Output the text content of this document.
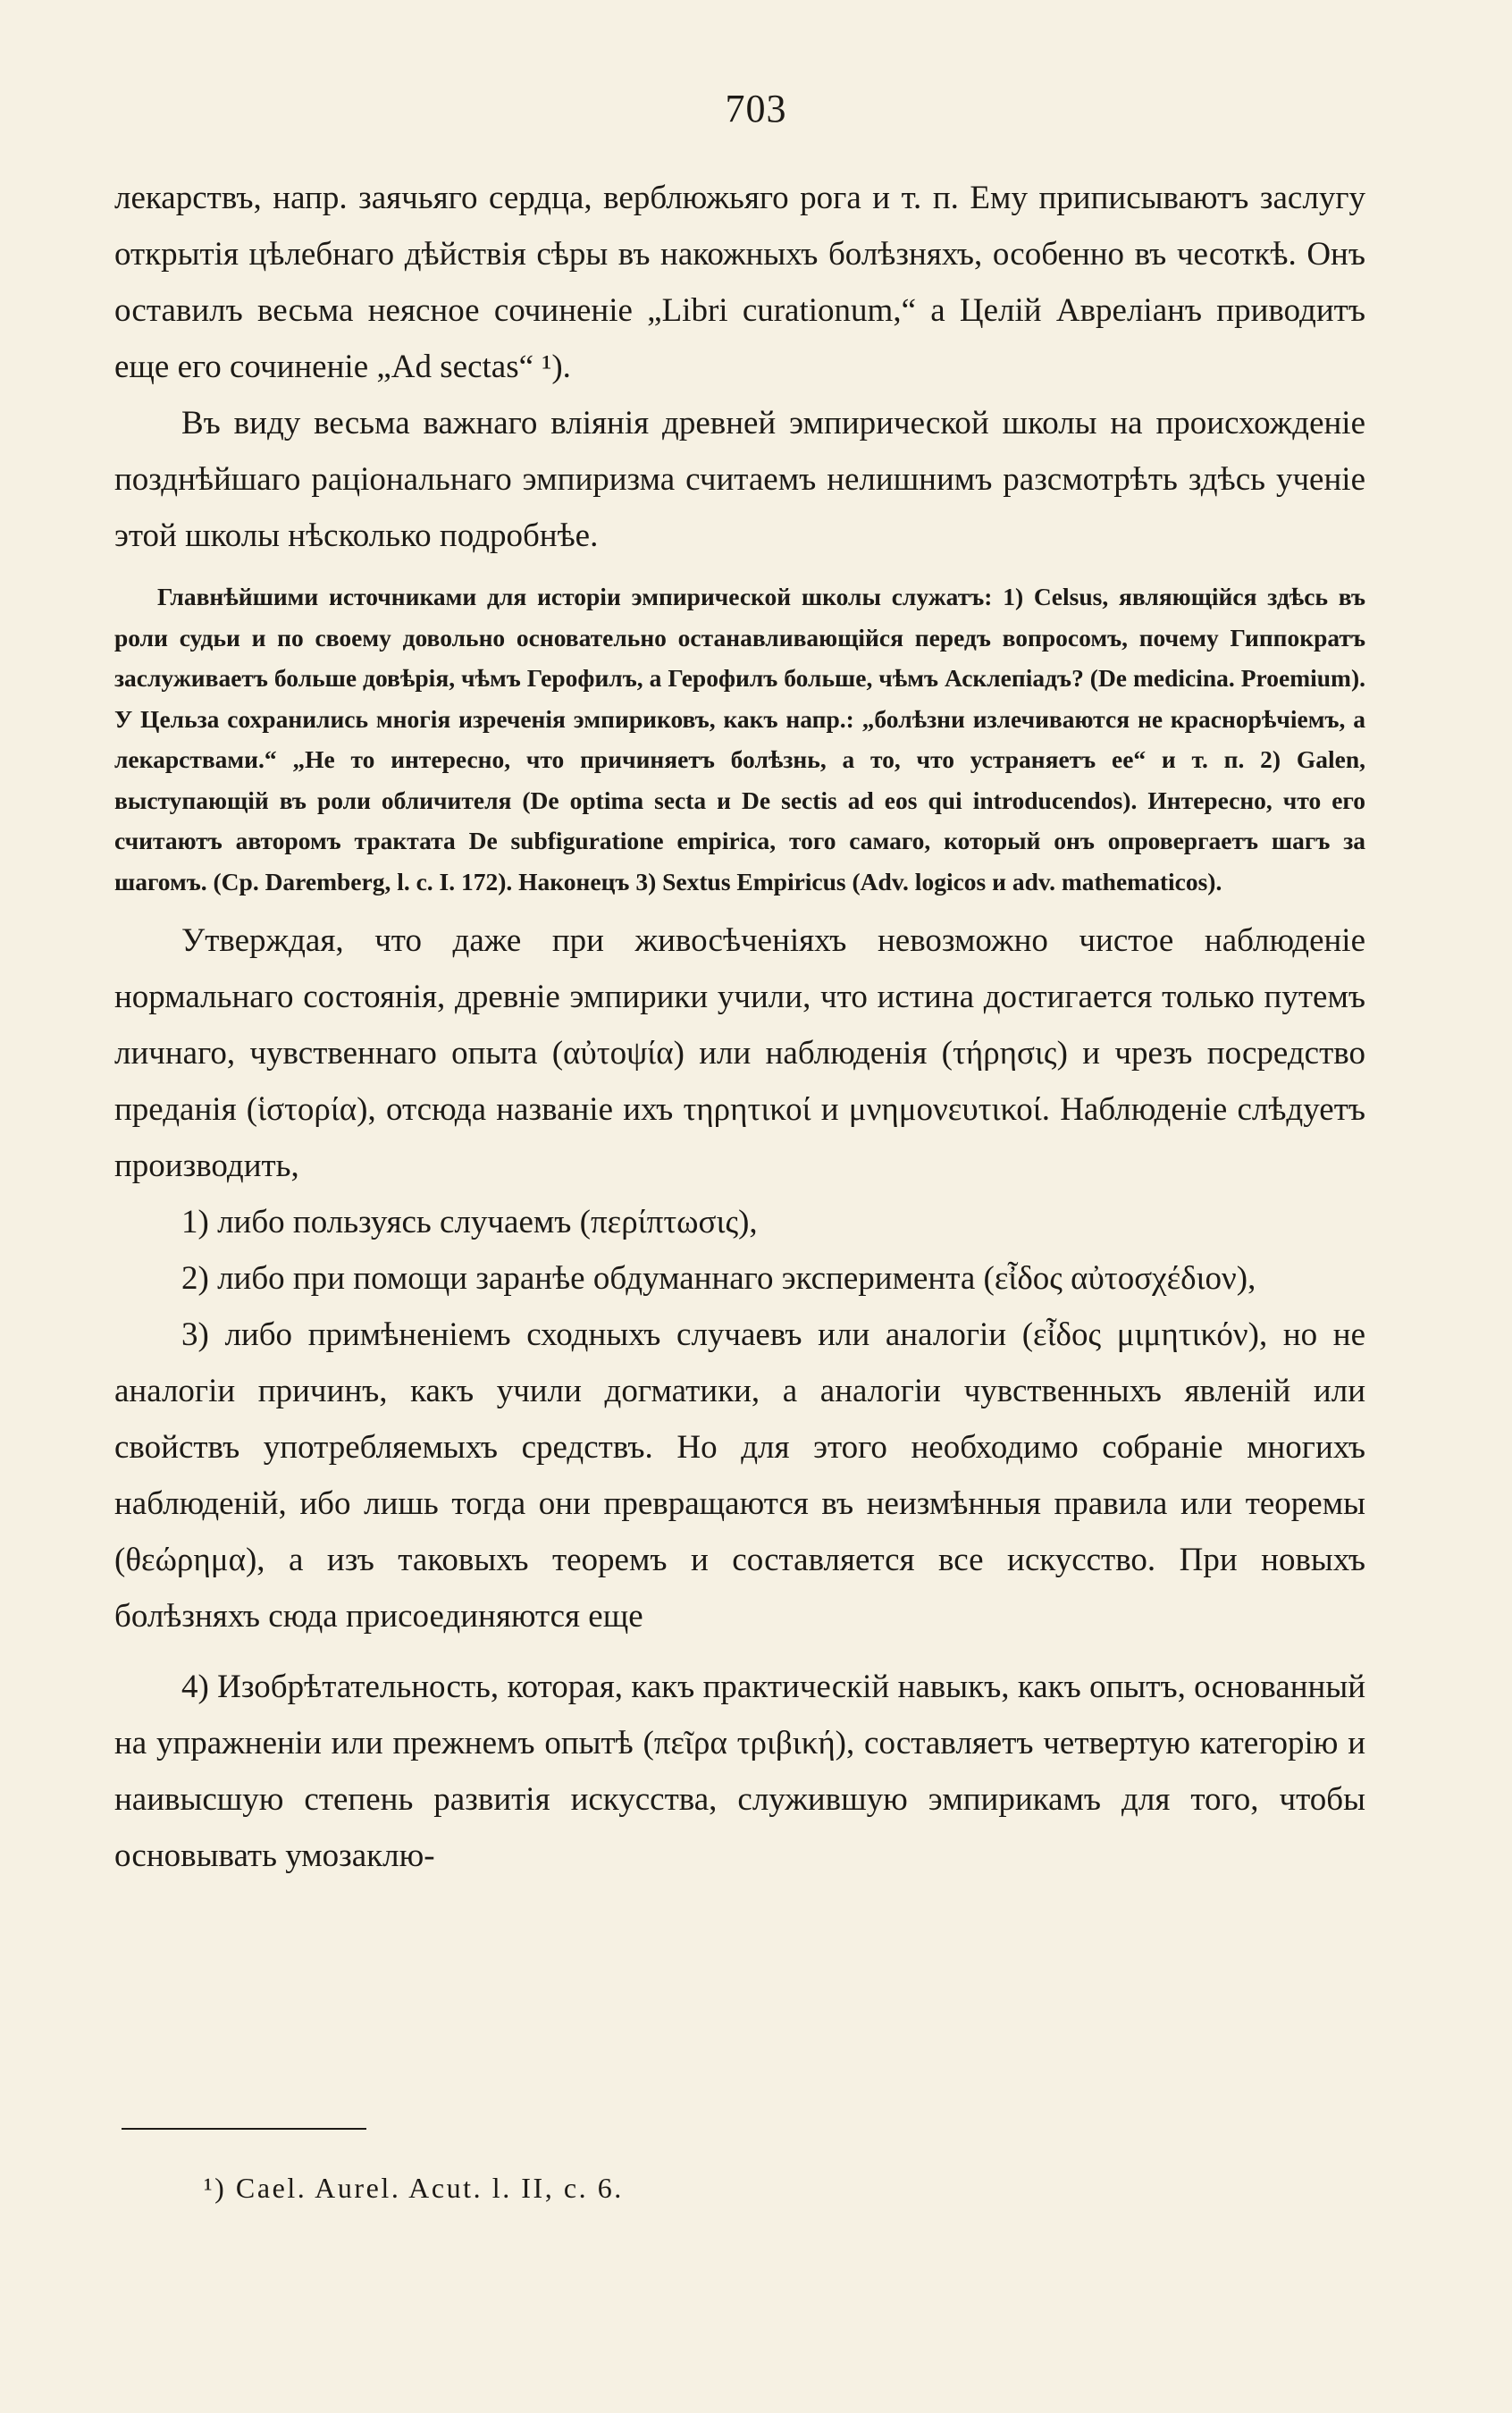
703

лекарствъ, напр. заячьяго сердца, верблюжьяго рога и т. п. Ему приписываютъ заслугу открытія цѣлебнаго дѣйствія сѣры въ накожныхъ болѣзняхъ, особенно въ чесоткѣ. Онъ оставилъ весьма неясное сочиненіе „Libri curationum,“ а Целій Авреліанъ приводитъ еще его сочиненіе „Ad sectas“ ¹).

Въ виду весьма важнаго вліянія древней эмпирической школы на происхожденіе позднѣйшаго раціональнаго эмпиризма считаемъ нелишнимъ разсмотрѣть здѣсь ученіе этой школы нѣсколько подробнѣе.

Главнѣйшими источниками для исторіи эмпирической школы служатъ: 1) Celsus, являющійся здѣсь въ роли судьи и по своему довольно основательно останавливающійся передъ вопросомъ, почему Гиппократъ заслуживаетъ больше довѣрія, чѣмъ Герофилъ, а Герофилъ больше, чѣмъ Асклепіадъ? (De medicina. Proemium). У Цельза сохранились многія изреченія эмпириковъ, какъ напр.: „болѣзни излечиваются не краснорѣчіемъ, а лекарствами.“ „Не то интересно, что причиняетъ болѣзнь, а то, что устраняетъ ее“ и т. п. 2) Galen, выступающій въ роли обличителя (De optima secta и De sectis ad eos qui introducendos). Интересно, что его считаютъ авторомъ трактата De subfiguratione empirica, того самаго, который онъ опровергаетъ шагъ за шагомъ. (Ср. Daremberg, l. c. I. 172). Наконецъ 3) Sextus Empiricus (Adv. logicos и adv. mathematicos).

Утверждая, что даже при живосѣченіяхъ невозможно чистое наблюденіе нормальнаго состоянія, древніе эмпирики учили, что истина достигается только путемъ личнаго, чувственнаго опыта (αὐτοψία) или наблюденія (τήρησις) и чрезъ посредство преданія (ἱστορία), отсюда названіе ихъ τηρητικοί и μνημονευτικοί. Наблюденіе слѣдуетъ производить,

1) либо пользуясь случаемъ (περίπτωσις),

2) либо при помощи заранѣе обдуманнаго эксперимента (εἶδος αὐτοσχέδιον),

3) либо примѣненіемъ сходныхъ случаевъ или аналогіи (εἶδος μιμητικόν), но не аналогіи причинъ, какъ учили догматики, а аналогіи чувственныхъ явленій или свойствъ употребляемыхъ средствъ. Но для этого необходимо собраніе многихъ наблюденій, ибо лишь тогда они превращаются въ неизмѣнныя правила или теоремы (θεώρημα), а изъ таковыхъ теоремъ и составляется все искусство. При новыхъ болѣзняхъ сюда присоединяются еще

4) Изобрѣтательность, которая, какъ практическій навыкъ, какъ опытъ, основанный на упражненіи или прежнемъ опытѣ (πεῖρα τριβική), составляетъ четвертую категорію и наивысшую степень развитія искусства, служившую эмпирикамъ для того, чтобы основывать умозаклю-

¹) Cael. Aurel. Acut. l. II, c. 6.
